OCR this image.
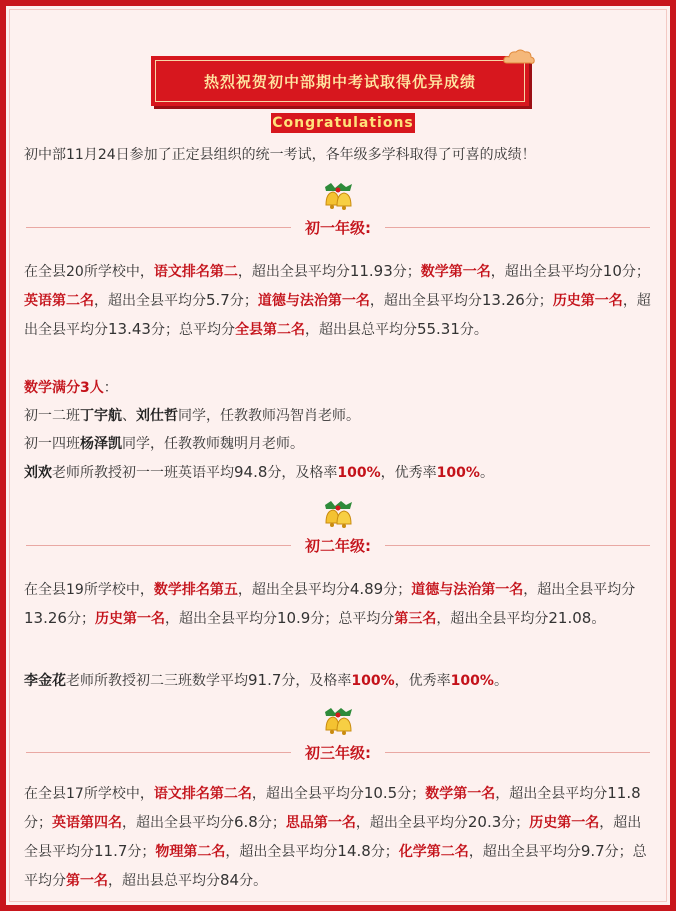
热烈祝贺初中部期中考试取得优异成绩
Congratulations

初中部11月24日参加了正定县组织的统一考试，各年级多学科取得了可喜的成绩！

初一年级:

在全县20所学校中，语文排名第二，超出全县平均分11.93分；数学第一名，超出全县平均分10分；英语第二名，超出全县平均分5.7分；道德与法治第一名，超出全县平均分13.26分；历史第一名，超出全县平均分13.43分；总平均分全县第二名，超出县总平均分55.31分。

数学满分3人：

初一二班丁宇航、刘仕哲同学，任教教师冯智肖老师。

初一四班杨泽凯同学，任教教师魏明月老师。

刘欢老师所教授初一一班英语平均94.8分，及格率100%，优秀率100%。

初二年级:

在全县19所学校中，数学排名第五，超出全县平均分4.89分；道德与法治第一名，超出全县平均分13.26分；历史第一名，超出全县平均分10.9分；总平均分第三名，超出全县平均分21.08。

李金花老师所教授初二三班数学平均91.7分，及格率100%，优秀率100%。

初三年级:

在全县17所学校中，语文排名第二名，超出全县平均分10.5分；数学第一名，超出全县平均分11.8分；英语第四名，超出全县平均分6.8分；思品第一名，超出全县平均分20.3分；历史第一名，超出全县平均分11.7分；物理第二名，超出全县平均分14.8分；化学第二名，超出全县平均分9.7分；总平均分第一名，超出县总平均分84分。
